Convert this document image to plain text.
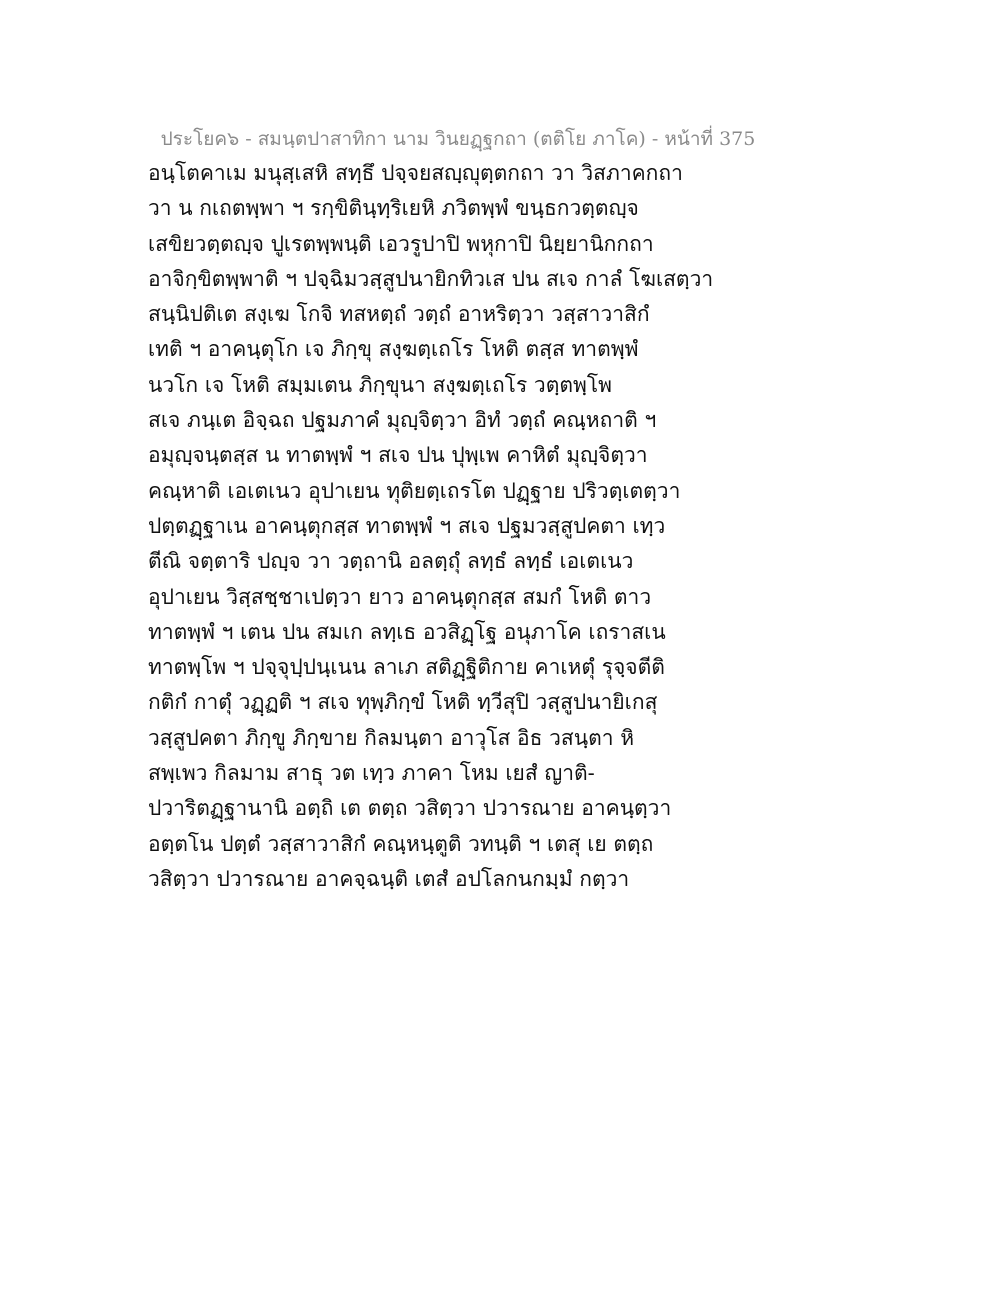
ประโยค๖ - สมนฺตปาสาทิกา นาม วินยฏฺฐกถา (ตติโย ภาโค) - หน้าที่ 375
อนฺโตคาเม มนุสฺเสหิ สทฺธึ ปจฺจยสญฺญุตฺตกถา วา วิสภาคกถา
วา น กเถตพฺพา ฯ รกฺขิตินฺทฺริเยหิ ภวิตพฺพํ ขนฺธกวตฺตญฺจ
เสขิยวตฺตญฺจ ปูเรตพฺพนฺติ เอวรูปาปิ พหุกาปิ นิยฺยานิกกถา
อาจิกฺขิตพฺพาติ ฯ ปจฺฉิมวสฺสูปนายิกทิวเส ปน สเจ กาลํ โฆเสตฺวา
สนฺนิปติเต สงฺเฆ โกจิ ทสหตฺถํ วตฺถํ อาหริตฺวา วสฺสาวาสิกํ
เทติ ฯ อาคนฺตุโก เจ ภิกฺขุ สงฺฆตฺเถโร โหติ ตสฺส ทาตพฺพํ
นวโก เจ โหติ สมฺมเตน ภิกฺขุนา สงฺฆตฺเถโร วตฺตพฺโพ
สเจ ภนฺเต อิจฺฉถ ปฐมภาคํ มุญฺจิตฺวา อิทํ วตฺถํ คณฺหถาติ ฯ
อมุญฺจนฺตสฺส น ทาตพฺพํ ฯ สเจ ปน ปุพฺเพ คาหิตํ มุญฺจิตฺวา
คณฺหาติ เอเตเนว อุปาเยน ทุติยตฺเถรโต ปฏฺฐาย ปริวตฺเตตฺวา
ปตฺตฏฺฐาเน อาคนฺตุกสฺส ทาตพฺพํ ฯ สเจ ปฐมวสฺสูปคตา เทฺว
ตีณิ จตฺตาริ ปญฺจ วา วตฺถานิ อลตฺถุํ ลทฺธํ ลทฺธํ เอเตเนว
อุปาเยน วิสฺสชฺชาเปตฺวา ยาว อาคนฺตุกสฺส สมกํ โหติ ตาว
ทาตพฺพํ ฯ เตน ปน สมเก ลทฺเธ อวสิฏฺโฐ อนุภาโค เถราสเน
ทาตพฺโพ ฯ ปจฺจุปฺปนฺเนน ลาเภ สติฏฺฐิติกาย คาเหตุํ รุจฺจตีติ
กติกํ กาตุํ วฏฺฏติ ฯ สเจ ทุพฺภิกฺขํ โหติ ทฺวีสุปิ วสฺสูปนายิเกสุ
วสฺสูปคตา ภิกฺขู ภิกฺขาย กิลมนฺตา อาวุโส อิธ วสนฺตา หิ
สพฺเพว กิลมาม สาธุ วต เทฺว ภาคา โหม เยสํ ญาติ-
ปวาริตฏฺฐานานิ อตฺถิ เต ตตฺถ วสิตฺวา ปวารณาย อาคนฺตฺวา
อตฺตโน ปตฺตํ วสฺสาวาสิกํ คณฺหนฺตูติ วทนฺติ ฯ เตสุ เย ตตฺถ
วสิตฺวา ปวารณาย อาคจฺฉนฺติ เตสํ อปโลกนกมฺมํ กตฺวา
